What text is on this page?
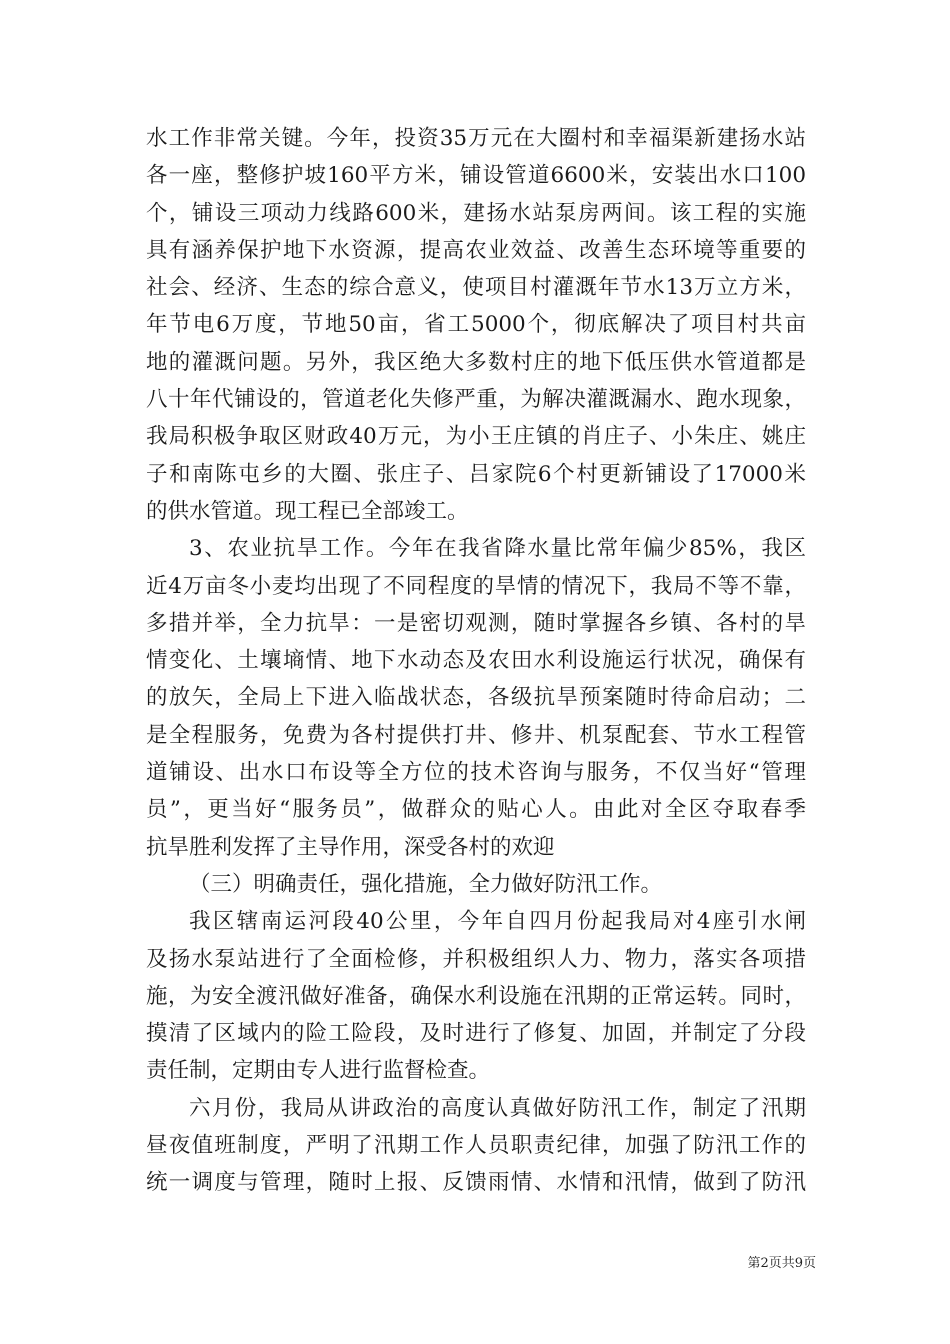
水工作非常关键。今年，投资35万元在大圈村和幸福渠新建扬水站
各一座，整修护坡160平方米，铺设管道6600米，安装出水口100
个，铺设三项动力线路600米，建扬水站泵房两间。该工程的实施
具有涵养保护地下水资源，提高农业效益、改善生态环境等重要的
社会、经济、生态的综合意义，使项目村灌溉年节水13万立方米，
年节电6万度，节地50亩，省工5000个，彻底解决了项目村共亩
地的灌溉问题。另外，我区绝大多数村庄的地下低压供水管道都是
八十年代铺设的，管道老化失修严重，为解决灌溉漏水、跑水现象，
我局积极争取区财政40万元，为小王庄镇的肖庄子、小朱庄、姚庄
子和南陈屯乡的大圈、张庄子、吕家院6个村更新铺设了17000米
的供水管道。现工程已全部竣工。
3、农业抗旱工作。今年在我省降水量比常年偏少85%，我区
近4万亩冬小麦均出现了不同程度的旱情的情况下，我局不等不靠，
多措并举，全力抗旱：一是密切观测，随时掌握各乡镇、各村的旱
情变化、土壤墒情、地下水动态及农田水利设施运行状况，确保有
的放矢，全局上下进入临战状态，各级抗旱预案随时待命启动；二
是全程服务，免费为各村提供打井、修井、机泵配套、节水工程管
道铺设、出水口布设等全方位的技术咨询与服务，不仅当好“管理
员”，更当好“服务员”，做群众的贴心人。由此对全区夺取春季
抗旱胜利发挥了主导作用，深受各村的欢迎
（三）明确责任，强化措施，全力做好防汛工作。
我区辖南运河段40公里，今年自四月份起我局对4座引水闸
及扬水泵站进行了全面检修，并积极组织人力、物力，落实各项措
施，为安全渡汛做好准备，确保水利设施在汛期的正常运转。同时，
摸清了区域内的险工险段，及时进行了修复、加固，并制定了分段
责任制，定期由专人进行监督检查。
六月份，我局从讲政治的高度认真做好防汛工作，制定了汛期
昼夜值班制度，严明了汛期工作人员职责纪律，加强了防汛工作的
统一调度与管理，随时上报、反馈雨情、水情和汛情，做到了防汛
第2页共9页
